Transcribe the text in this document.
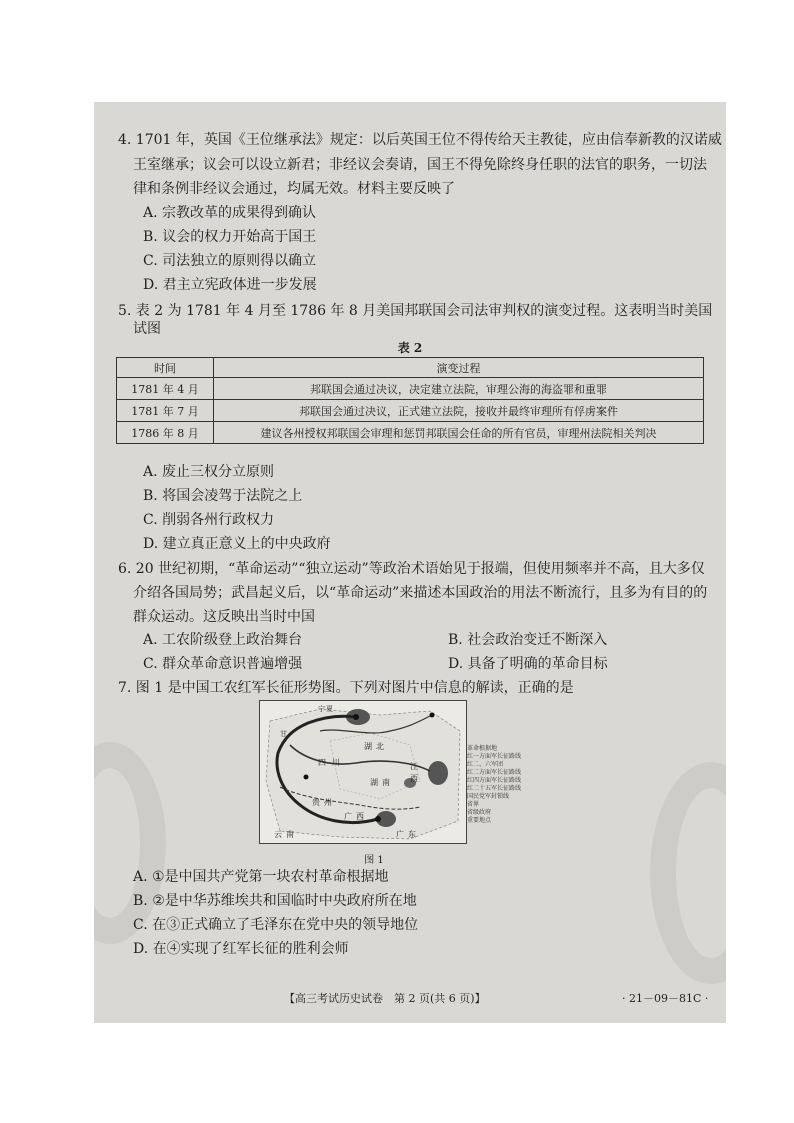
4. 1701 年，英国《王位继承法》规定：以后英国王位不得传给天主教徒，应由信奉新教的汉诺威
王室继承；议会可以设立新君；非经议会奏请，国王不得免除终身任职的法官的职务，一切法
律和条例非经议会通过，均属无效。材料主要反映了
A. 宗教改革的成果得到确认
B. 议会的权力开始高于国王
C. 司法独立的原则得以确立
D. 君主立宪政体进一步发展
5. 表 2 为 1781 年 4 月至 1786 年 8 月美国邦联国会司法审判权的演变过程。这表明当时美国
试图
表 2
时间	演变过程
1781 年 4 月	邦联国会通过决议，决定建立法院，审理公海的海盗罪和重罪
1781 年 7 月	邦联国会通过决议，正式建立法院，接收并最终审理所有俘虏案件
1786 年 8 月	建议各州授权邦联国会审理和惩罚邦联国会任命的所有官员，审理州法院相关判决
A. 废止三权分立原则
B. 将国会凌驾于法院之上
C. 削弱各州行政权力
D. 建立真正意义上的中央政府
6. 20 世纪初期，“革命运动”“独立运动”等政治术语始见于报端，但使用频率并不高，且大多仅
介绍各国局势；武昌起义后，以“革命运动”来描述本国政治的用法不断流行，且多为有目的的
群众运动。这反映出当时中国
A. 工农阶级登上政治舞台	B. 社会政治变迁不断深入
C. 群众革命意识普遍增强	D. 具备了明确的革命目标
7. 图 1 是中国工农红军长征形势图。下列对图片中信息的解读，正确的是
宁
甘
夏
四 川
湖 北
湖 南
江
西
广 西
广 东
云 南
贵 州
革命根据地
红一方面军长征路线
红二、六军团
红二方面军长征路线
红四方面军长征路线
红二十五军长征路线
国民党军封锁线
省界
省级政府
重要地点
图 1
A. ①是中国共产党第一块农村革命根据地
B. ②是中华苏维埃共和国临时中央政府所在地
C. 在③正式确立了毛泽东在党中央的领导地位
D. 在④实现了红军长征的胜利会师
【高三考试历史试卷　第 2 页(共 6 页)】	· 21－09－81C ·
